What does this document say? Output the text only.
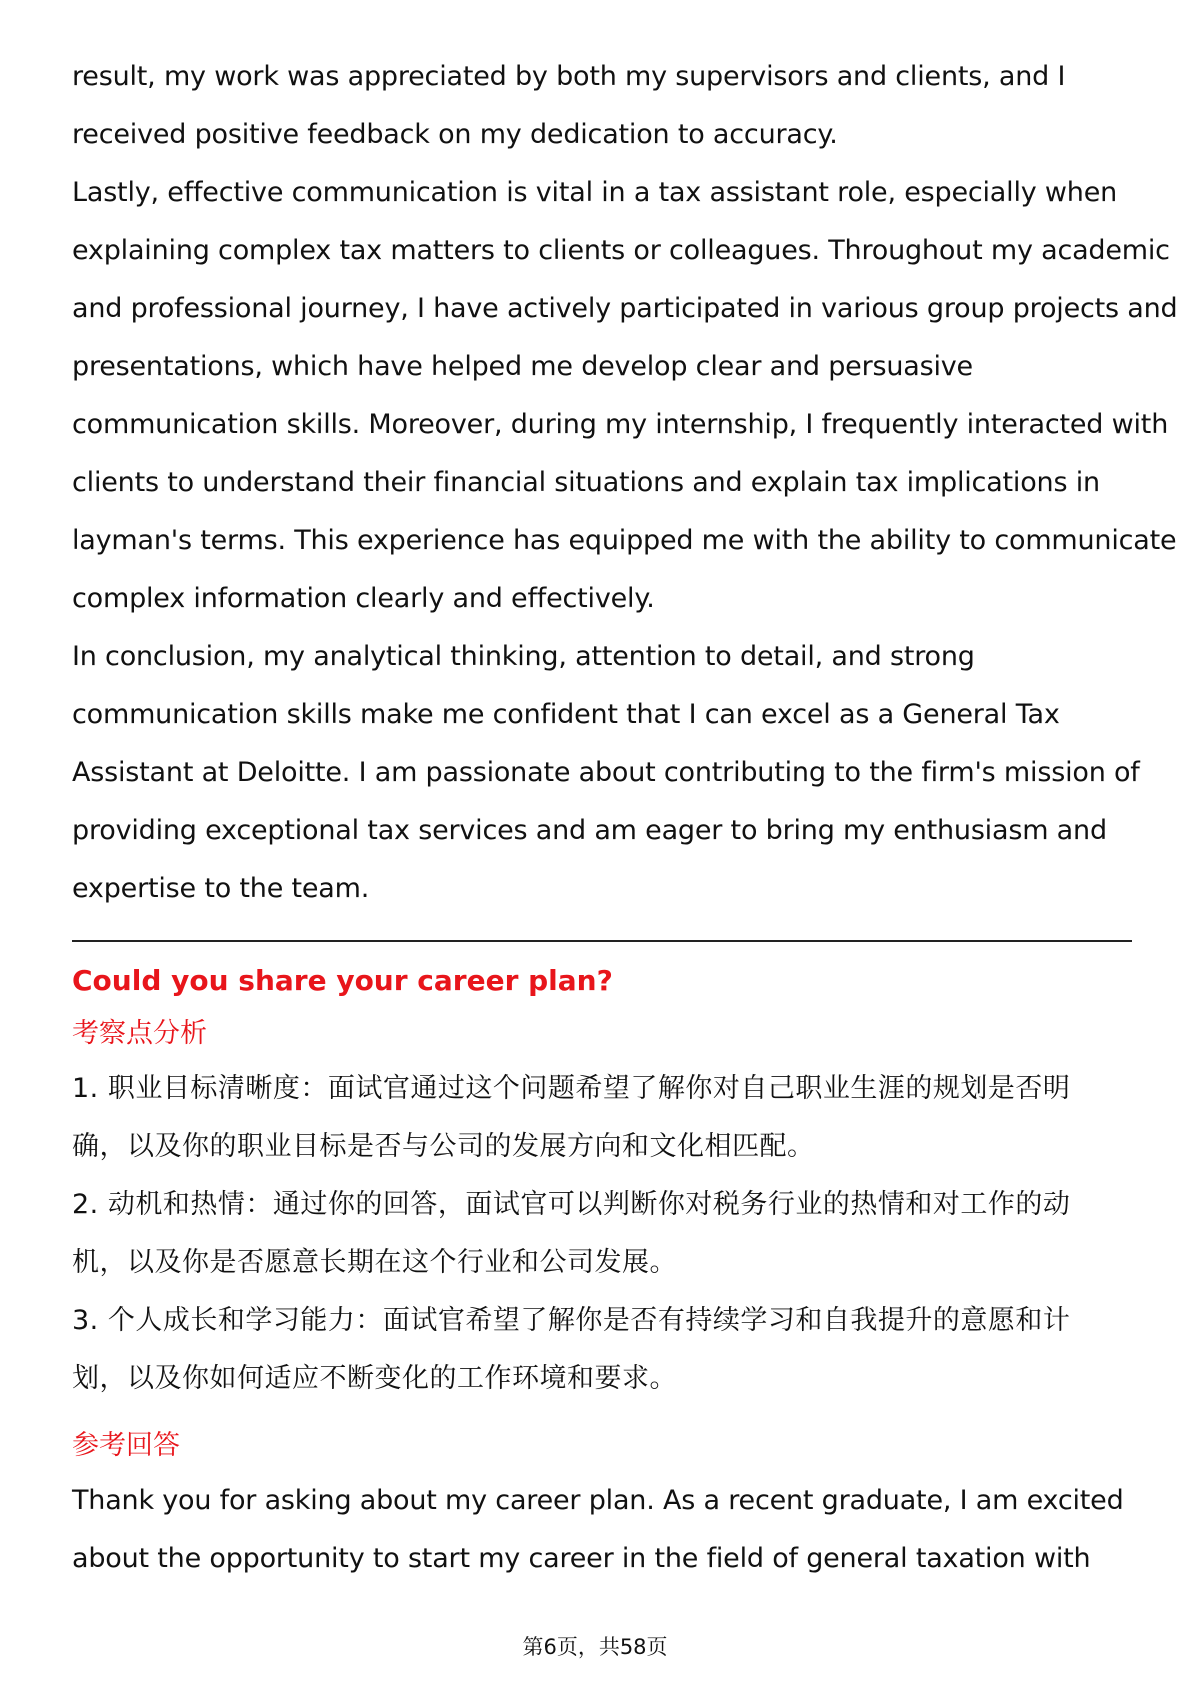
result, my work was appreciated by both my supervisors and clients, and I
received positive feedback on my dedication to accuracy.
Lastly, effective communication is vital in a tax assistant role, especially when
explaining complex tax matters to clients or colleagues. Throughout my academic
and professional journey, I have actively participated in various group projects and
presentations, which have helped me develop clear and persuasive
communication skills. Moreover, during my internship, I frequently interacted with
clients to understand their financial situations and explain tax implications in
layman's terms. This experience has equipped me with the ability to communicate
complex information clearly and effectively.
In conclusion, my analytical thinking, attention to detail, and strong
communication skills make me confident that I can excel as a General Tax
Assistant at Deloitte. I am passionate about contributing to the firm's mission of
providing exceptional tax services and am eager to bring my enthusiasm and
expertise to the team.
Could you share your career plan?
考察点分析
1. 职业目标清晰度：面试官通过这个问题希望了解你对自己职业生涯的规划是否明
确，以及你的职业目标是否与公司的发展方向和文化相匹配。
2. 动机和热情：通过你的回答，面试官可以判断你对税务行业的热情和对工作的动
机，以及你是否愿意长期在这个行业和公司发展。
3. 个人成长和学习能力：面试官希望了解你是否有持续学习和自我提升的意愿和计
划，以及你如何适应不断变化的工作环境和要求。
参考回答
Thank you for asking about my career plan. As a recent graduate, I am excited
about the opportunity to start my career in the field of general taxation with
第6页，共58页
